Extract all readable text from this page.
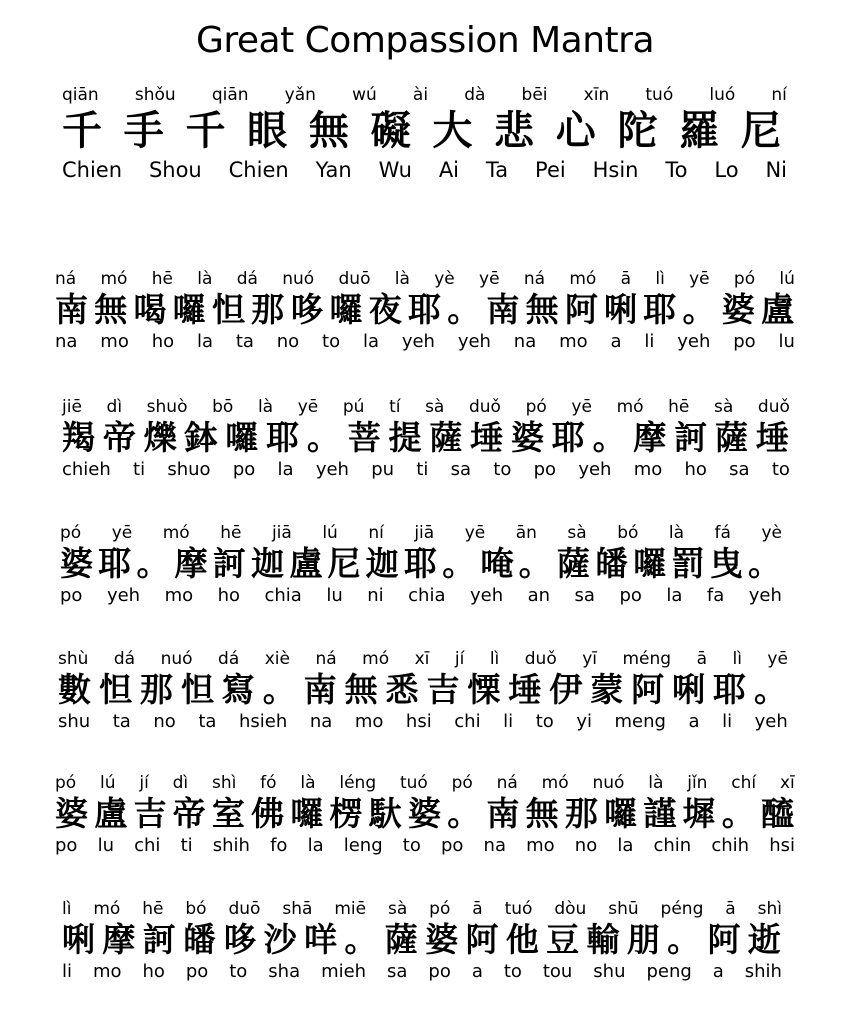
Great Compassion Mantra
qiān shǒu qiān yǎn wú ài dà bēi xīn tuó luó ní
千 手 千 眼 無 礙 大 悲 心 陀 羅 尼
Chien Shou Chien Yan Wu Ai Ta Pei Hsin To Lo Ni
ná mó hē là dá nuó duō là yè yē ná mó ā lì yē pó lú
南 無 喝 囉 怛 那 哆 囉 夜 耶 。 南 無 阿 唎 耶 。 婆 盧
na mo ho la ta no to la yeh yeh na mo a li yeh po lu
jiē dì shuò bō là yē pú tí sà duǒ pó yē mó hē sà duǒ
羯 帝 爍 鉢 囉 耶 。 菩 提 薩 埵 婆 耶 。 摩 訶 薩 埵
chieh ti shuo po la yeh pu ti sa to po yeh mo ho sa to
pó yē mó hē jiā lú ní jiā yē ān sà bó là fá yè
婆 耶 。 摩 訶 迦 盧 尼 迦 耶 。 唵 。 薩 皤 囉 罰 曳 。
po yeh mo ho chia lu ni chia yeh an sa po la fa yeh
shù dá nuó dá xiè ná mó xī jí lì duǒ yī méng ā lì yē
數 怛 那 怛 寫 。 南 無 悉 吉 慄 埵 伊 蒙 阿 唎 耶 。
shu ta no ta hsieh na mo hsi chi li to yi meng a li yeh
pó lú jí dì shì fó là léng tuó pó ná mó nuó là jǐn chí xī
婆 盧 吉 帝 室 佛 囉 楞 馱 婆 。 南 無 那 囉 謹 墀 。 醯
po lu chi ti shih fo la leng to po na mo no la chin chih hsi
lì mó hē bó duō shā miē sà pó ā tuó dòu shū péng ā shì
唎 摩 訶 皤 哆 沙 咩 。 薩 婆 阿 他 豆 輸 朋 。 阿 逝
li mo ho po to sha mieh sa po a to tou shu peng a shih
